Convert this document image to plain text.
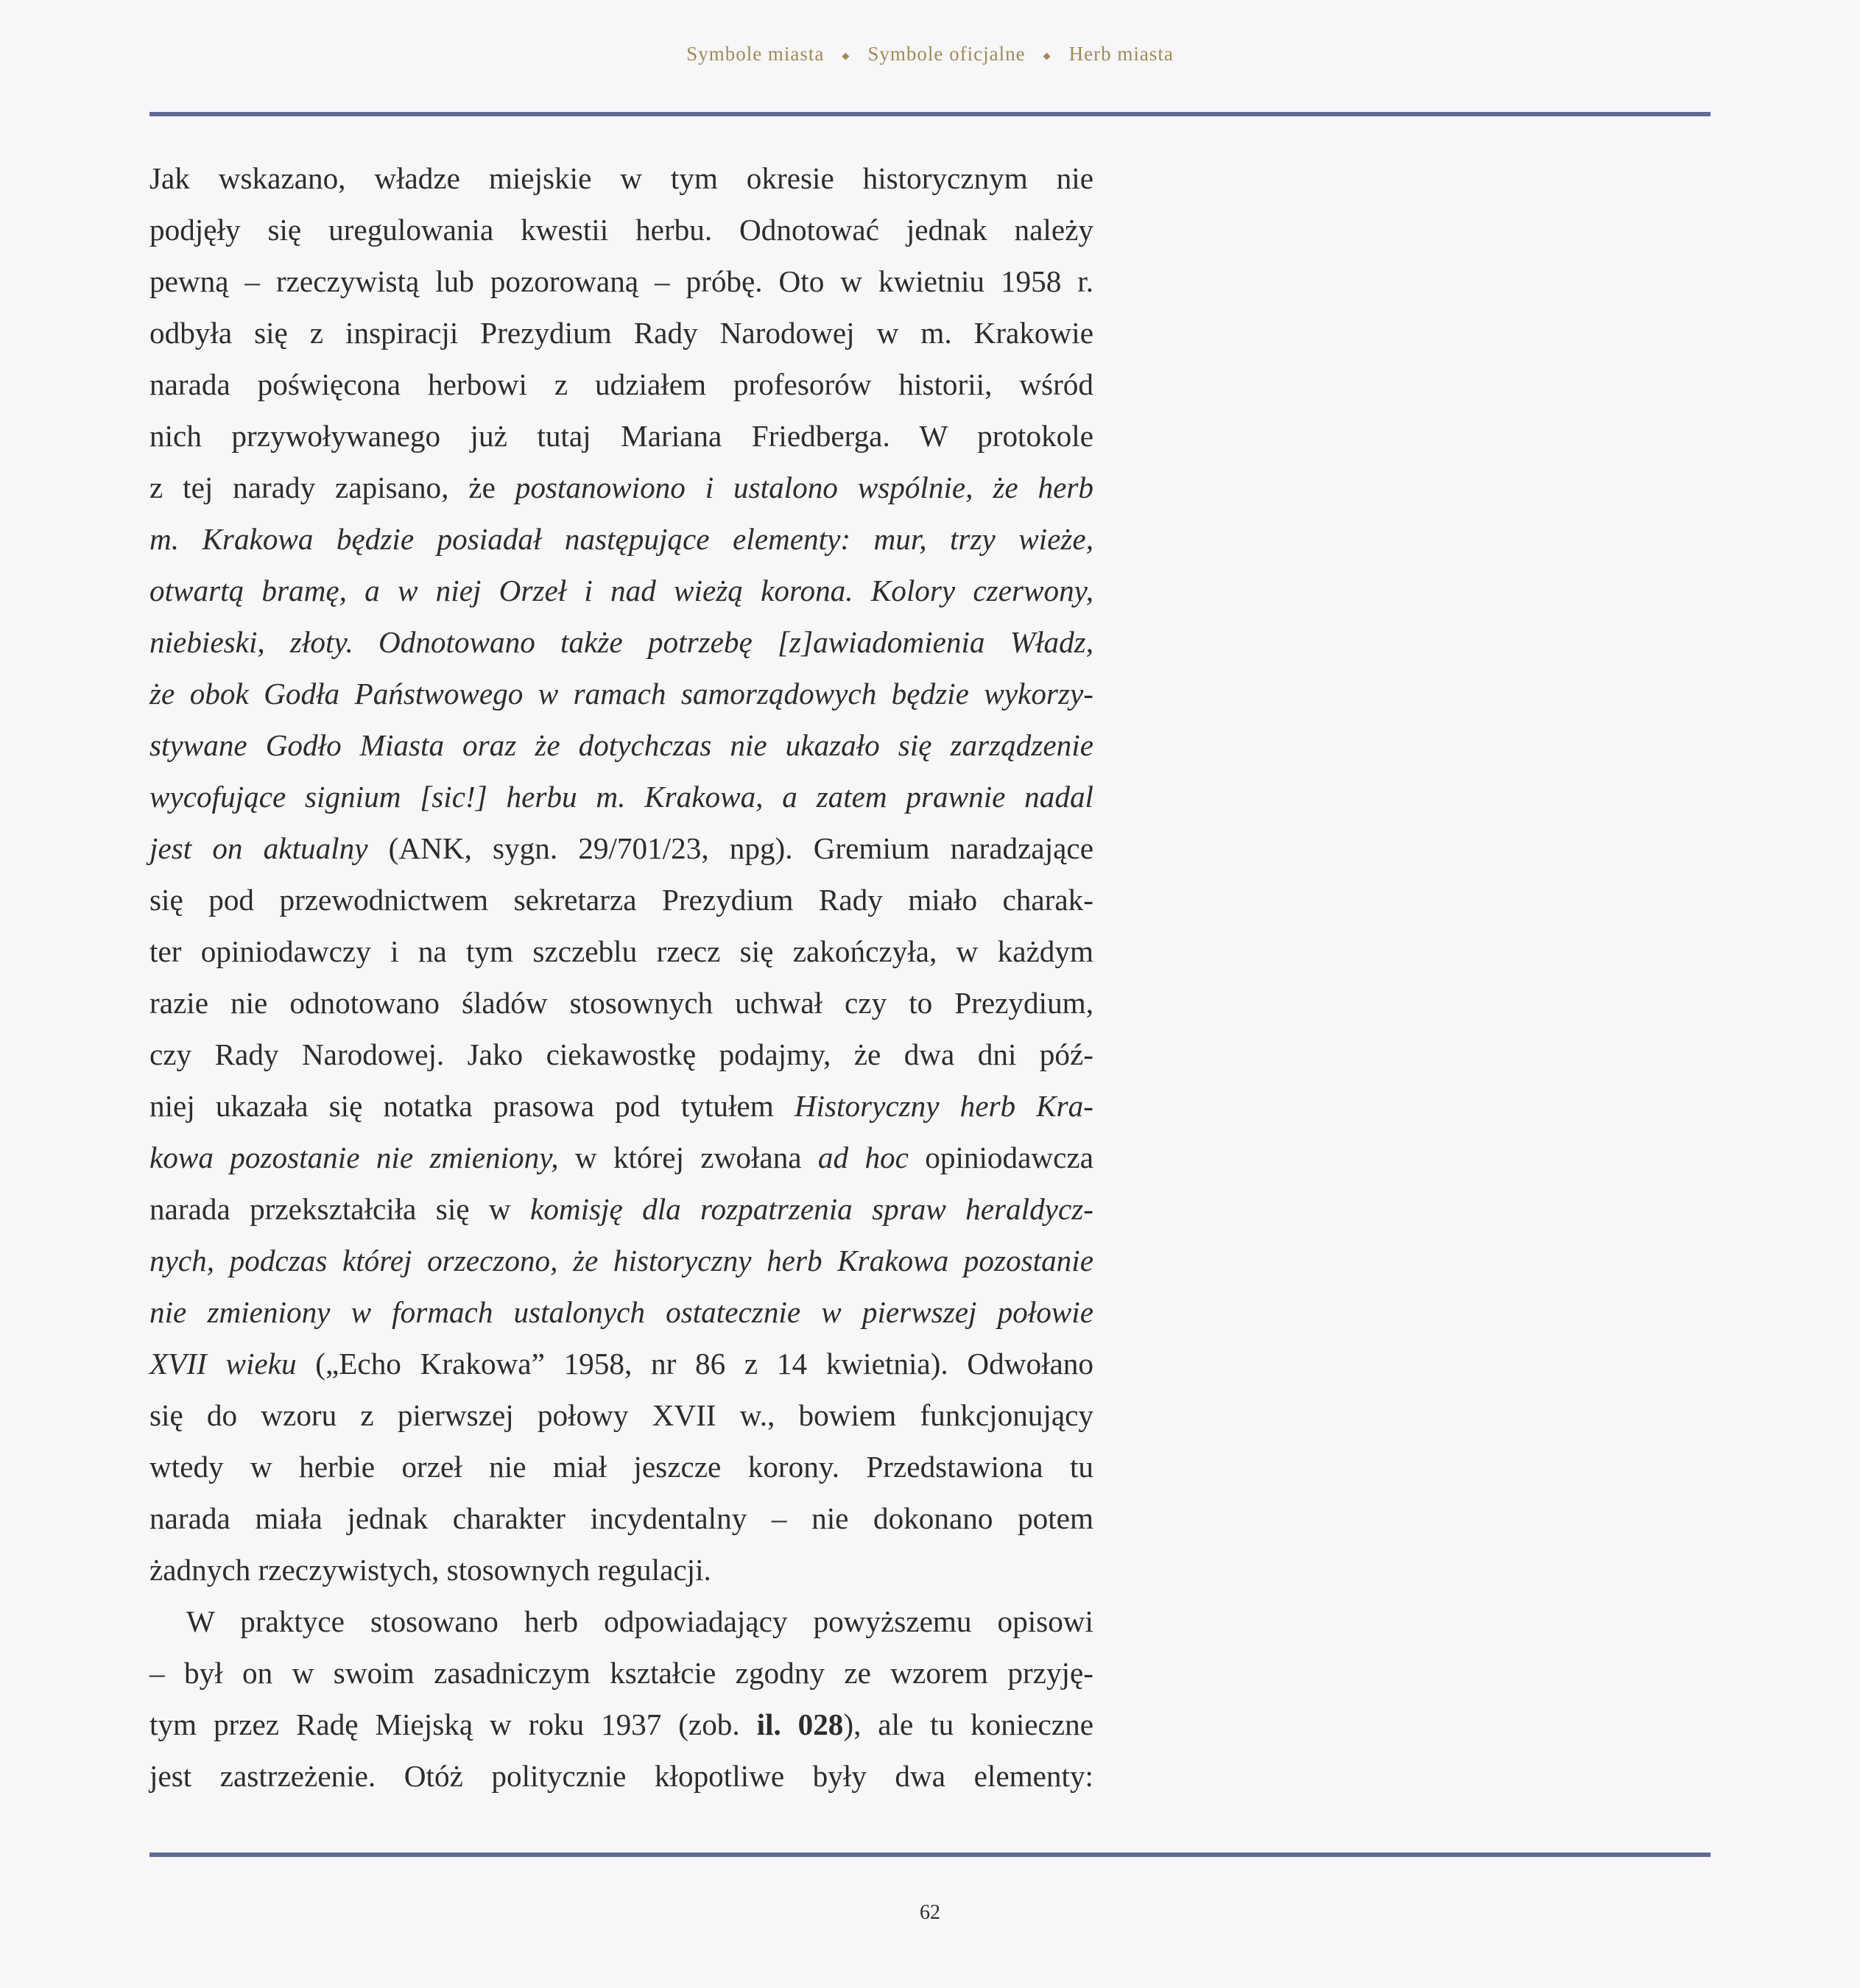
Symbole miasta ◆ Symbole oficjalne ◆ Herb miasta
Jak wskazano, władze miejskie w tym okresie historycznym nie
podjęły się uregulowania kwestii herbu. Odnotować jednak należy
pewną – rzeczywistą lub pozorowaną – próbę. Oto w kwietniu 1958 r.
odbyła się z inspiracji Prezydium Rady Narodowej w m. Krakowie
narada poświęcona herbowi z udziałem profesorów historii, wśród
nich przywoływanego już tutaj Mariana Friedberga. W protokole
z tej narady zapisano, że postanowiono i ustalono wspólnie, że herb
m. Krakowa będzie posiadał następujące elementy: mur, trzy wieże,
otwartą bramę, a w niej Orzeł i nad wieżą korona. Kolory czerwony,
niebieski, złoty. Odnotowano także potrzebę [z]awiadomienia Władz,
że obok Godła Państwowego w ramach samorządowych będzie wykorzy-
stywane Godło Miasta oraz że dotychczas nie ukazało się zarządzenie
wycofujące signium [sic!] herbu m. Krakowa, a zatem prawnie nadal
jest on aktualny (ANK, sygn. 29/701/23, npg). Gremium naradzające
się pod przewodnictwem sekretarza Prezydium Rady miało charak-
ter opiniodawczy i na tym szczeblu rzecz się zakończyła, w każdym
razie nie odnotowano śladów stosownych uchwał czy to Prezydium,
czy Rady Narodowej. Jako ciekawostkę podajmy, że dwa dni póź-
niej ukazała się notatka prasowa pod tytułem Historyczny herb Kra-
kowa pozostanie nie zmieniony, w której zwołana ad hoc opiniodawcza
narada przekształciła się w komisję dla rozpatrzenia spraw heraldycz-
nych, podczas której orzeczono, że historyczny herb Krakowa pozostanie
nie zmieniony w formach ustalonych ostatecznie w pierwszej połowie
XVII wieku („Echo Krakowa” 1958, nr 86 z 14 kwietnia). Odwołano
się do wzoru z pierwszej połowy XVII w., bowiem funkcjonujący
wtedy w herbie orzeł nie miał jeszcze korony. Przedstawiona tu
narada miała jednak charakter incydentalny – nie dokonano potem
żadnych rzeczywistych, stosownych regulacji.
W praktyce stosowano herb odpowiadający powyższemu opisowi
– był on w swoim zasadniczym kształcie zgodny ze wzorem przyję-
tym przez Radę Miejską w roku 1937 (zob. il. 028), ale tu konieczne
jest zastrzeżenie. Otóż politycznie kłopotliwe były dwa elementy:
62
